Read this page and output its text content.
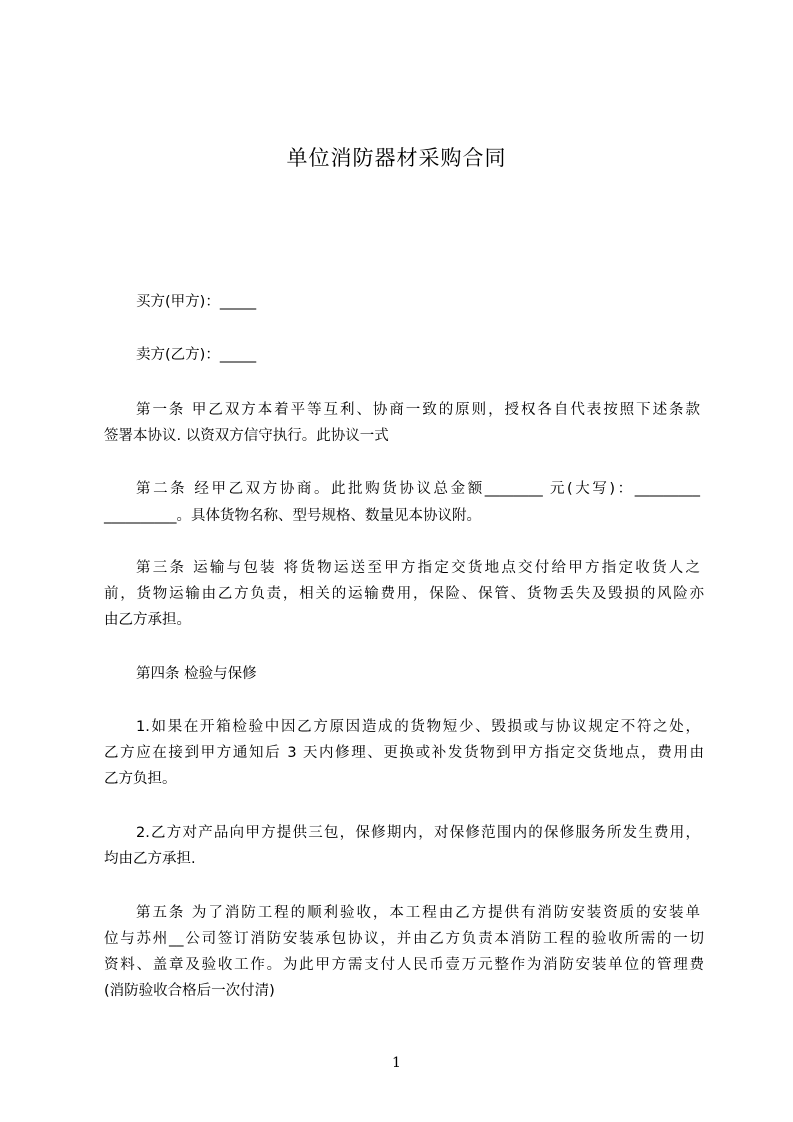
单位消防器材采购合同
买方(甲方)：_____
卖方(乙方)：_____
第一条 甲乙双方本着平等互利、协商一致的原则，授权各自代表按照下述条款
签署本协议. 以资双方信守执行。此协议一式
第二条 经甲乙双方协商。此批购货协议总金额________ 元(大写)：_________
__________。具体货物名称、型号规格、数量见本协议附。
第三条 运输与包装 将货物运送至甲方指定交货地点交付给甲方指定收货人之
前，货物运输由乙方负责，相关的运输费用，保险、保管、货物丢失及毁损的风险亦
由乙方承担。
第四条 检验与保修
1.如果在开箱检验中因乙方原因造成的货物短少、毁损或与协议规定不符之处，
乙方应在接到甲方通知后 3 天内修理、更换或补发货物到甲方指定交货地点，费用由
乙方负担。
2.乙方对产品向甲方提供三包，保修期内，对保修范围内的保修服务所发生费用，
均由乙方承担.
第五条 为了消防工程的顺利验收，本工程由乙方提供有消防安装资质的安装单
位与苏州__公司签订消防安装承包协议，并由乙方负责本消防工程的验收所需的一切
资料、盖章及验收工作。为此甲方需支付人民币壹万元整作为消防安装单位的管理费
(消防验收合格后一次付清)
1
